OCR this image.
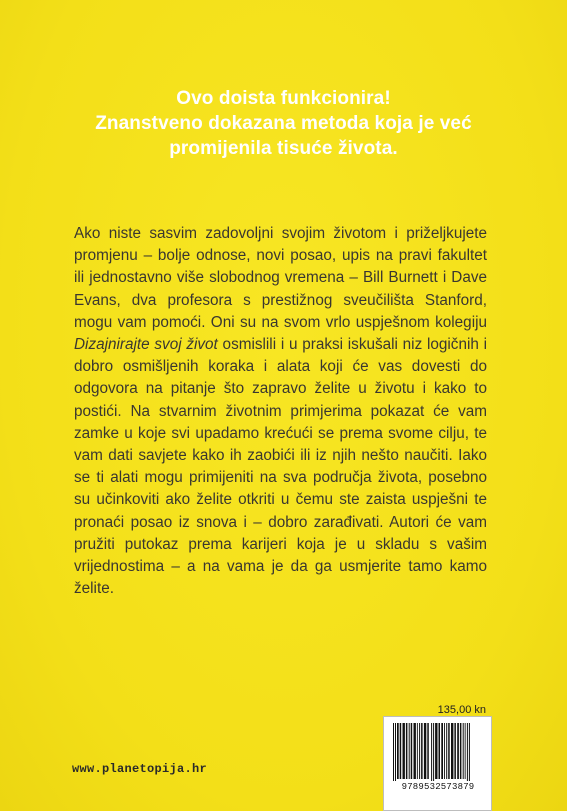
Ovo doista funkcionira!
Znanstveno dokazana metoda koja je već
promijenila tisuće života.
Ako niste sasvim zadovoljni svojim životom i priželjkujete promjenu – bolje odnose, novi posao, upis na pravi fakultet ili jednostavno više slobodnog vremena – Bill Burnett i Dave Evans, dva profesora s prestižnog sveučilišta Stanford, mogu vam pomoći. Oni su na svom vrlo uspješnom kolegiju Dizajnirajte svoj život osmislili i u praksi iskušali niz logičnih i dobro osmišljenih koraka i alata koji će vas dovesti do odgovora na pitanje što zapravo želite u životu i kako to postići. Na stvarnim životnim primjerima pokazat će vam zamke u koje svi upadamo krećući se prema svome cilju, te vam dati savjete kako ih zaobići ili iz njih nešto naučiti. Iako se ti alati mogu primijeniti na sva područja života, posebno su učinkoviti ako želite otkriti u čemu ste zaista uspješni te pronaći posao iz snova i – dobro zarađivati. Autori će vam pružiti putokaz prema karijeri koja je u skladu s vašim vrijednostima – a na vama je da ga usmjerite tamo kamo želite.
135,00 kn
9789532573879
www.planetopija.hr
